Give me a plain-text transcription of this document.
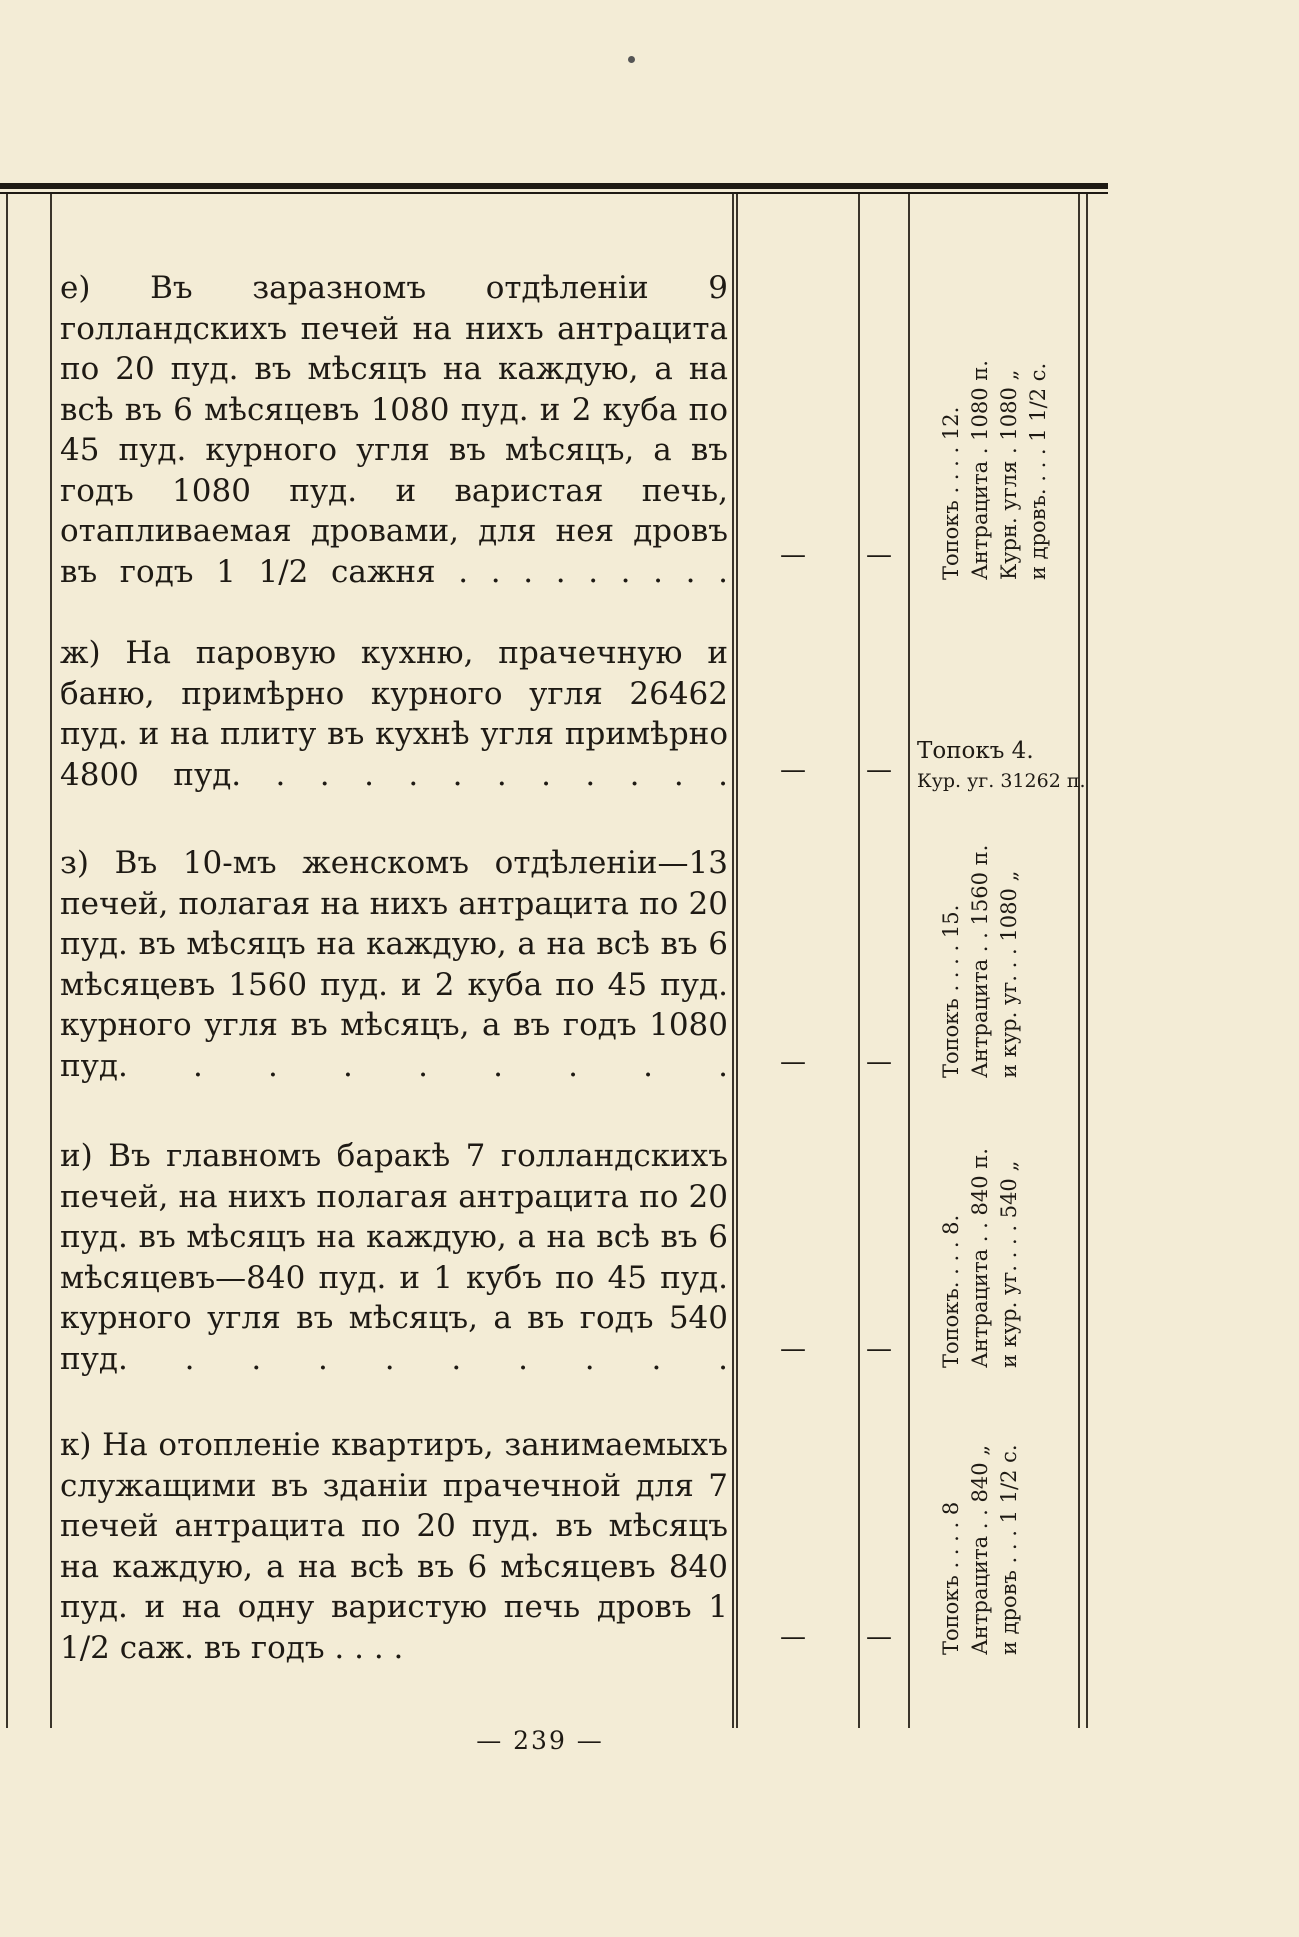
е) Въ заразномъ отдѣленiи 9 голландскихъ печей на нихъ антрацита по 20 пуд. въ мѣсяцъ на каждую, а на всѣ въ 6 мѣсяцевъ 1080 пуд. и 2 куба по 45 пуд. курного угля въ мѣсяцъ, а въ годъ 1080 пуд. и варистая печь, отапливаемая дровами, для нея дровъ въ годъ 1 1/2 сажня . . . . . . . . . — — Топокъ . . . . 12. Антрацита . 1080 п. Курн. угля . 1080 „ и дровъ. . . . 1 1/2 с.
ж) На паровую кухню, прачечную и баню, примѣрно курного угля 26462 пуд. и на плиту въ кухнѣ угля примѣрно 4800 пуд. . . . . . . . . . . . — —
Топокъ 4.
Кур. уг. 31262 п.
з) Въ 10-мъ женскомъ отдѣленiи—13 печей, полагая на нихъ антрацита по 20 пуд. въ мѣсяцъ на каждую, а на всѣ въ 6 мѣсяцевъ 1560 пуд. и 2 куба по 45 пуд. курного угля въ мѣсяцъ, а въ годъ 1080 пуд. . . . . . . . . — — Топокъ . . . . 15. Антрацита . . 1560 п. и кур. уг. . . 1080 „
и) Въ главномъ баракѣ 7 голландскихъ печей, на нихъ полагая антрацита по 20 пуд. въ мѣсяцъ на каждую, а на всѣ въ 6 мѣсяцевъ—840 пуд. и 1 кубъ по 45 пуд. курного угля въ мѣсяцъ, а въ годъ 540 пуд. . . . . . . . . . — — Топокъ. . . . 8. Антрацита . . 840 п. и кур. уг. . . . 540 „
к) На отопленiе квартиръ, занимаемыхъ служащими въ зданiи прачечной для 7 печей антрацита по 20 пуд. въ мѣсяцъ на каждую, а на всѣ въ 6 мѣсяцевъ 840 пуд. и на одну варистую печь дровъ 1 1/2 саж. въ годъ . . . .	— — Топокъ . . . . 8 Антрацита . . 840 „ и дровъ . . . 1 1/2 с.
— 239 —
